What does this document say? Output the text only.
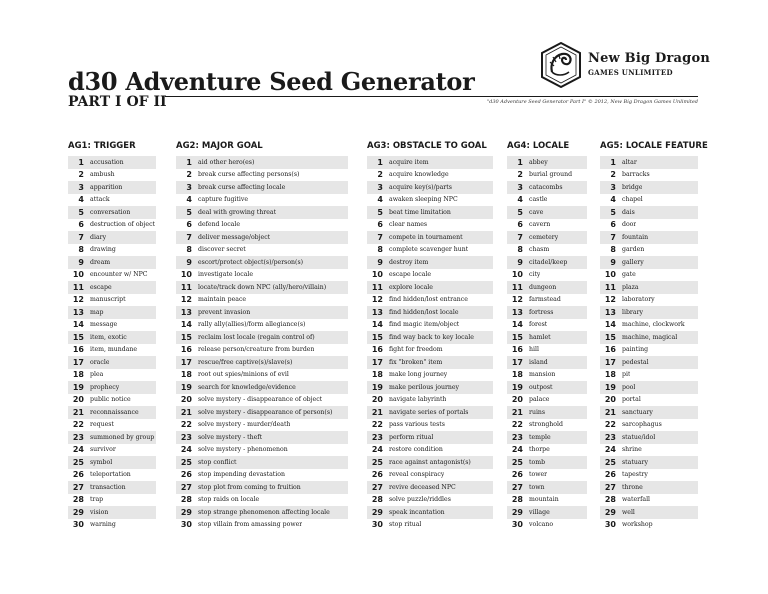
New Big Dragon
GAMES UNLIMITED
d30 Adventure Seed Generator
PART I OF II	"d30 Adventure Seed Generator Part I" © 2012, New Big Dragon Games Unlimited
AG1: TRIGGER
1 accusation
2 ambush
3 apparition
4 attack
5 conversation
6 destruction of object
7 diary
8 drawing
9 dream
10 encounter w/ NPC
11 escape
12 manuscript
13 map
14 message
15 item, exotic
16 item, mundane
17 oracle
18 plea
19 prophecy
20 public notice
21 reconnaissance
22 request
23 summoned by group
24 survivor
25 symbol
26 teleportation
27 transaction
28 trap
29 vision
30 warning
AG2: MAJOR GOAL
1 aid other hero(es)
2 break curse affecting persons(s)
3 break curse affecting locale
4 capture fugitive
5 deal with growing threat
6 defend locale
7 deliver message/object
8 discover secret
9 escort/protect object(s)/person(s)
10 investigate locale
11 locate/track down NPC (ally/hero/villain)
12 maintain peace
13 prevent invasion
14 rally ally(allies)/form allegiance(s)
15 reclaim lost locale (regain control of)
16 release person/creature from burden
17 rescue/free captive(s)/slave(s)
18 root out spies/minions of evil
19 search for knowledge/evidence
20 solve mystery - disappearance of object
21 solve mystery - disappearance of person(s)
22 solve mystery - murder/death
23 solve mystery - theft
24 solve mystery - phenomenon
25 stop conflict
26 stop impending devastation
27 stop plot from coming to fruition
28 stop raids on locale
29 stop strange phenomenon affecting locale
30 stop villain from amassing power
AG3: OBSTACLE TO GOAL
1 acquire item
2 acquire knowledge
3 acquire key(s)/parts
4 awaken sleeping NPC
5 beat time limitation
6 clear names
7 compete in tournament
8 complete scavenger hunt
9 destroy item
10 escape locale
11 explore locale
12 find hidden/lost entrance
13 find hidden/lost locale
14 find magic item/object
15 find way back to key locale
16 fight for freedom
17 fix "broken" item
18 make long journey
19 make perilous journey
20 navigate labyrinth
21 navigate series of portals
22 pass various tests
23 perform ritual
24 restore condition
25 race against antagonist(s)
26 reveal conspiracy
27 revive deceased NPC
28 solve puzzle/riddles
29 speak incantation
30 stop ritual
AG4: LOCALE
1 abbey
2 burial ground
3 catacombs
4 castle
5 cave
6 cavern
7 cemetery
8 chasm
9 citadel/keep
10 city
11 dungeon
12 farmstead
13 fortress
14 forest
15 hamlet
16 hill
17 island
18 mansion
19 outpost
20 palace
21 ruins
22 stronghold
23 temple
24 thorpe
25 tomb
26 tower
27 town
28 mountain
29 village
30 volcano
AG5: LOCALE FEATURE
1 altar
2 barracks
3 bridge
4 chapel
5 dais
6 door
7 fountain
8 garden
9 gallery
10 gate
11 plaza
12 laboratory
13 library
14 machine, clockwork
15 machine, magical
16 painting
17 pedestal
18 pit
19 pool
20 portal
21 sanctuary
22 sarcophagus
23 statue/idol
24 shrine
25 statuary
26 tapestry
27 throne
28 waterfall
29 well
30 workshop
